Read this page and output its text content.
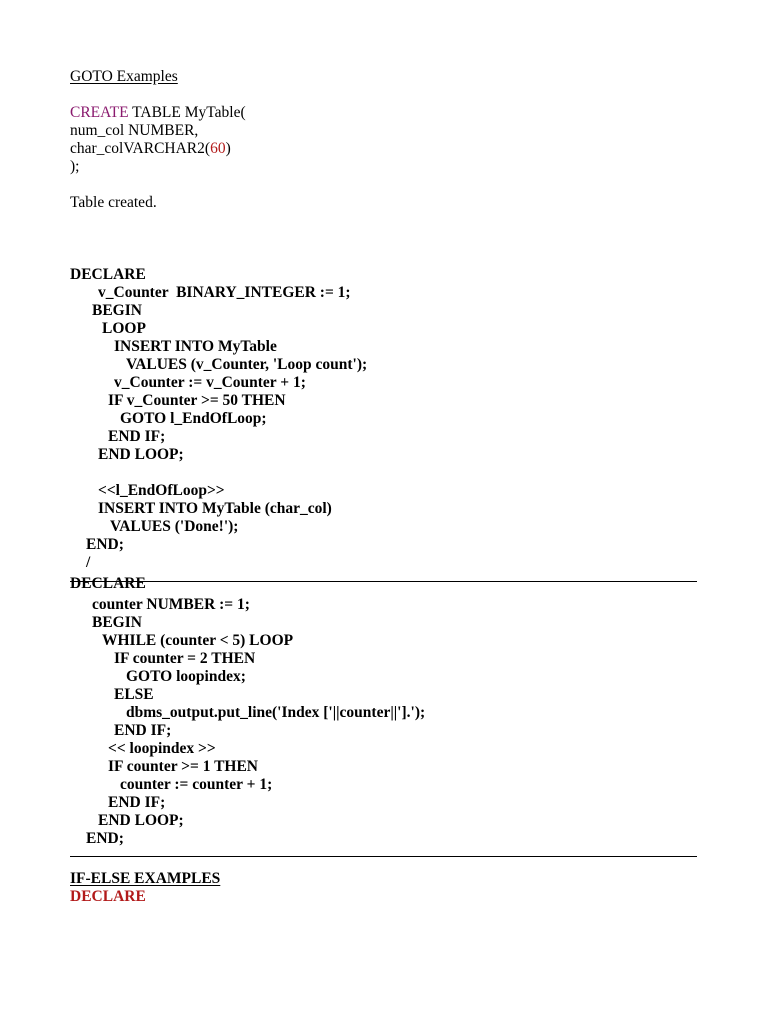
GOTO Examples
CREATE TABLE MyTable(
num_col NUMBER,
char_colVARCHAR2(60)
);
Table created.
DECLARE
v_Counter  BINARY_INTEGER := 1;
BEGIN
LOOP
INSERT INTO MyTable
VALUES (v_Counter, 'Loop count');
v_Counter := v_Counter + 1;
IF v_Counter >= 50 THEN
GOTO l_EndOfLoop;
END IF;
END LOOP;
<<l_EndOfLoop>>
INSERT INTO MyTable (char_col)
VALUES ('Done!');
END;
/
DECLARE
counter NUMBER := 1;
BEGIN
WHILE (counter < 5) LOOP
IF counter = 2 THEN
GOTO loopindex;
ELSE
dbms_output.put_line('Index ['||counter||'].');
END IF;
<< loopindex >>
IF counter >= 1 THEN
counter := counter + 1;
END IF;
END LOOP;
END;
IF-ELSE EXAMPLES
DECLARE
